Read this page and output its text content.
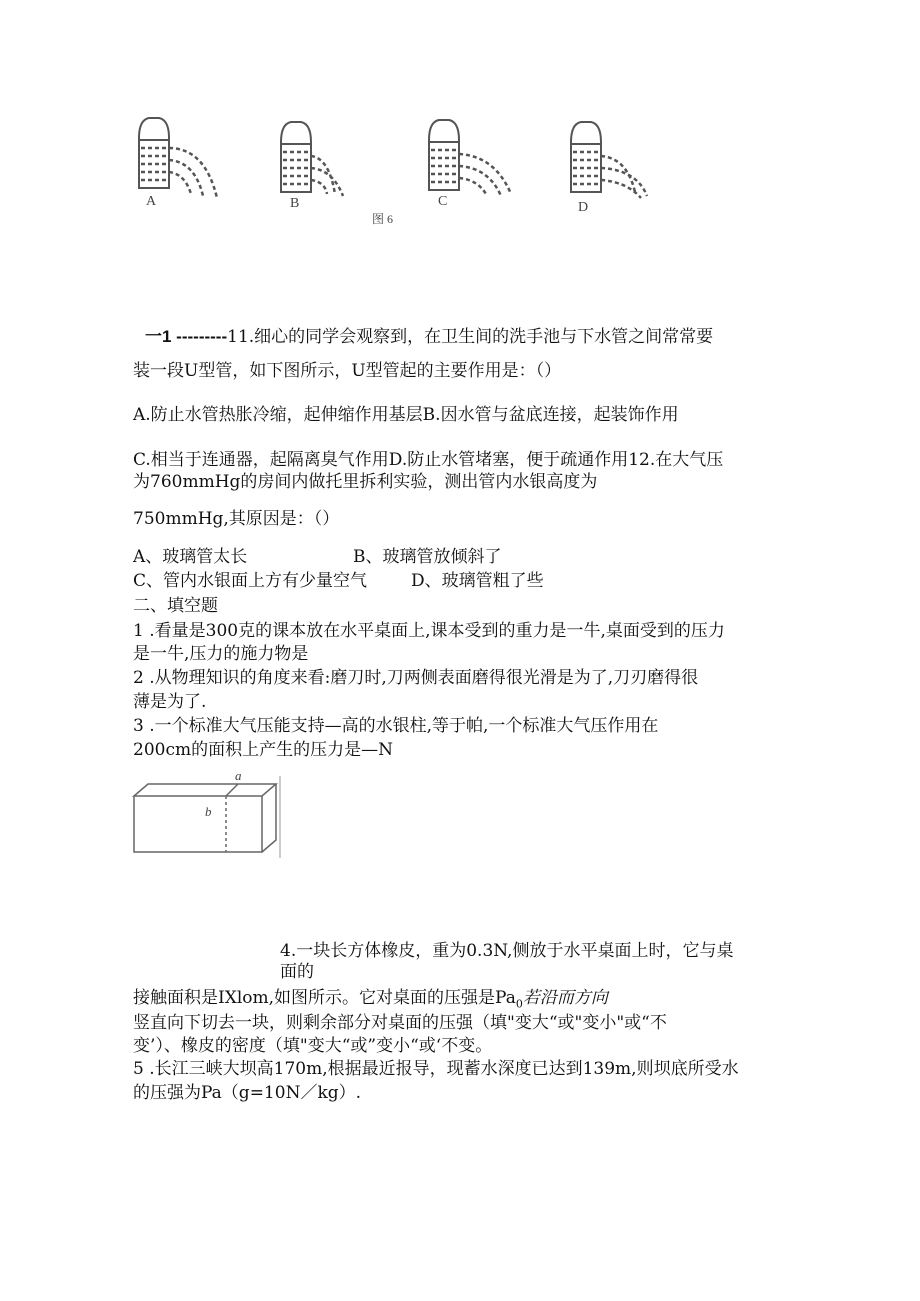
A	B
图 6
C	D
一1 ---------11.细心的同学会观察到，在卫生间的洗手池与下水管之间常常要
装一段U型管，如下图所示，U型管起的主要作用是：（）
A.防止水管热胀冷缩，起伸缩作用基层B.因水管与盆底连接，起装饰作用
C.相当于连通器，起隔离臭气作用D.防止水管堵塞，便于疏通作用12.在大气压
为760mmHg的房间内做托里拆利实验，测出管内水银高度为
750mmHg,其原因是：（）
A、玻璃管太长	B、玻璃管放倾斜了
C、管内水银面上方有少量空气	D、玻璃管粗了些
二、填空题
1 .看量是300克的课本放在水平桌面上,课本受到的重力是一牛,桌面受到的压力
是一牛,压力的施力物是
2 .从物理知识的角度来看:磨刀时,刀两侧表面磨得很光滑是为了,刀刃磨得很
薄是为了.
3 .一个标准大气压能支持—高的水银柱,等于帕,一个标准大气压作用在
200cm的面积上产生的压力是—N
a
b
4.一块长方体橡皮，重为0.3N,侧放于水平桌面上时，它与桌
面的
接触面积是IXlom,如图所示。它对桌面的压强是$Pa_0$若沿而方向
竖直向下切去一块，则剩余部分对桌面的压强（填"变大“或"变小"或“不
变’）、橡皮的密度（填"变大“或”变小“或‘不变。
5 .长江三峡大坝高170m,根据最近报导，现蓄水深度已达到139m,则坝底所受水
的压强为Pa（g=10N／kg）.
